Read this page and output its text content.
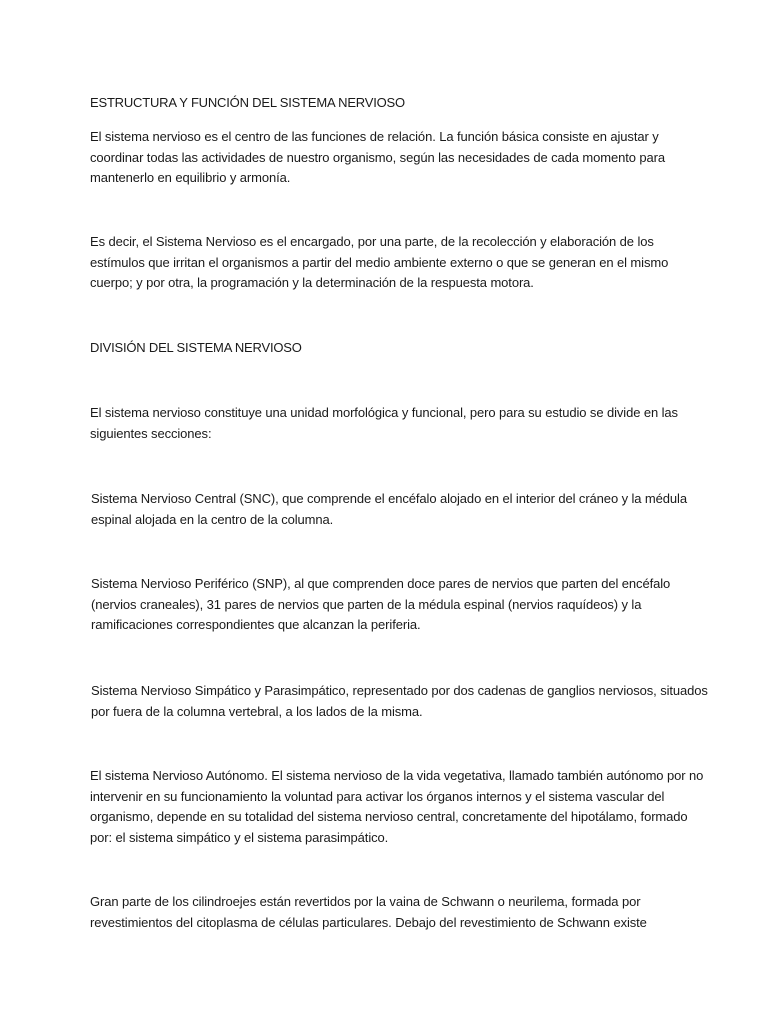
ESTRUCTURA Y FUNCIÓN DEL SISTEMA NERVIOSO

El sistema nervioso es el centro de las funciones de relación. La función básica consiste en ajustar y coordinar todas las actividades de nuestro organismo, según las necesidades de cada momento para mantenerlo en equilibrio y armonía.

Es decir, el Sistema Nervioso es el encargado, por una parte, de la recolección y elaboración de los estímulos que irritan el organismos a partir del medio ambiente externo o que se generan en el mismo cuerpo; y por otra, la programación y la determinación de la respuesta motora.

DIVISIÓN DEL SISTEMA NERVIOSO

El sistema nervioso constituye una unidad morfológica y funcional, pero para su estudio se divide en las siguientes secciones:

Sistema Nervioso Central (SNC), que comprende el encéfalo alojado en el interior del cráneo y la médula espinal alojada en la centro de la columna.

Sistema Nervioso Periférico (SNP), al que comprenden doce pares de nervios que parten del encéfalo (nervios craneales), 31 pares de nervios que parten de la médula espinal (nervios raquídeos) y la ramificaciones correspondientes que alcanzan la periferia.

Sistema Nervioso Simpático y Parasimpático, representado por dos cadenas de ganglios nerviosos, situados por fuera de la columna vertebral, a los lados de la misma.

El sistema Nervioso Autónomo. El sistema nervioso de la vida vegetativa, llamado también autónomo por no intervenir en su funcionamiento la voluntad para activar los órganos internos y el sistema vascular del organismo, depende en su totalidad del sistema nervioso central, concretamente del hipotálamo, formado por: el sistema simpático y el sistema parasimpático.

Gran parte de los cilindroejes están revertidos por la vaina de Schwann o neurilema, formada por revestimientos del citoplasma de células particulares. Debajo del revestimiento de Schwann existe
